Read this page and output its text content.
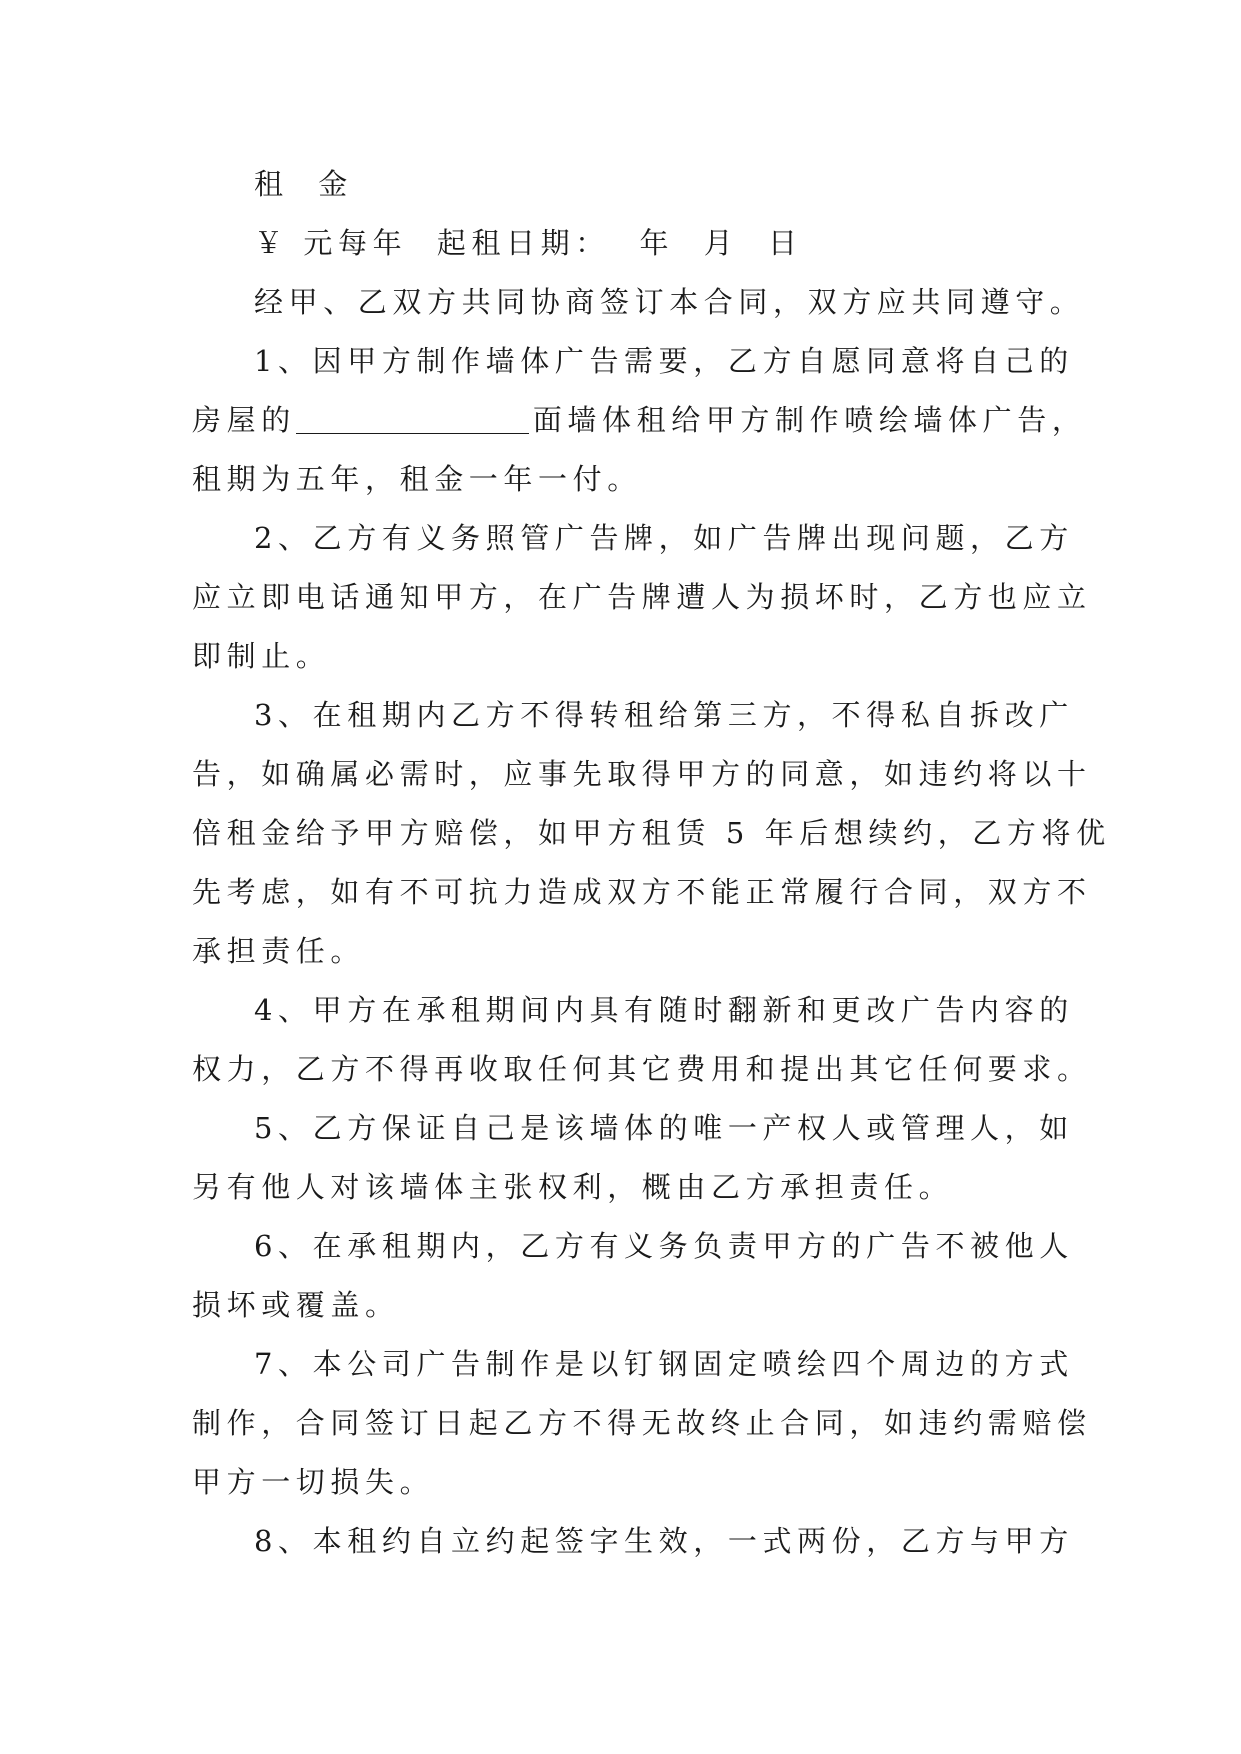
租  金
￥ 元每年  起租日期：  年  月  日
经甲、乙双方共同协商签订本合同，双方应共同遵守。
1、因甲方制作墙体广告需要，乙方自愿同意将自己的
房屋的	面墙体租给甲方制作喷绘墙体广告，
租期为五年，租金一年一付。
2、乙方有义务照管广告牌，如广告牌出现问题，乙方
应立即电话通知甲方，在广告牌遭人为损坏时，乙方也应立
即制止。
3、在租期内乙方不得转租给第三方，不得私自拆改广
告，如确属必需时，应事先取得甲方的同意，如违约将以十
倍租金给予甲方赔偿，如甲方租赁 5 年后想续约，乙方将优
先考虑，如有不可抗力造成双方不能正常履行合同，双方不
承担责任。
4、甲方在承租期间内具有随时翻新和更改广告内容的
权力，乙方不得再收取任何其它费用和提出其它任何要求。
5、乙方保证自己是该墙体的唯一产权人或管理人，如
另有他人对该墙体主张权利，概由乙方承担责任。
6、在承租期内，乙方有义务负责甲方的广告不被他人
损坏或覆盖。
7、本公司广告制作是以钉钢固定喷绘四个周边的方式
制作，合同签订日起乙方不得无故终止合同，如违约需赔偿
甲方一切损失。
8、本租约自立约起签字生效，一式两份，乙方与甲方
